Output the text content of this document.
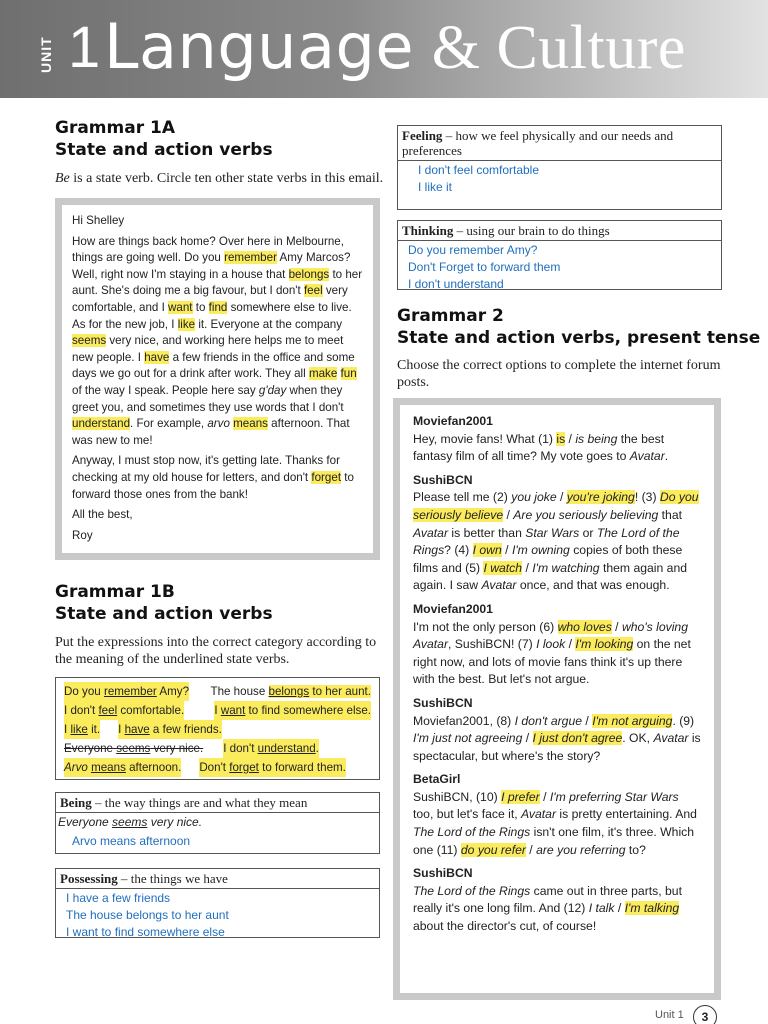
UNIT 1 Language & Culture
Grammar 1A
State and action verbs
Be is a state verb. Circle ten other state verbs in this email.

Hi Shelley

How are things back home? Over here in Melbourne, things are going well. Do you remember Amy Marcos? Well, right now I'm staying in a house that belongs to her aunt. She's doing me a big favour, but I don't feel very comfortable, and I want to find somewhere else to live. As for the new job, I like it. Everyone at the company seems very nice, and working here helps me to meet new people. I have a few friends in the office and some days we go out for a drink after work. They all make fun of the way I speak. People here say g'day when they greet you, and sometimes they use words that I don't understand. For example, arvo means afternoon. That was new to me!

Anyway, I must stop now, it's getting late. Thanks for checking at my old house for letters, and don't forget to forward those ones from the bank!

All the best,

Roy

Grammar 1B
State and action verbs
Put the expressions into the correct category according to the meaning of the underlined state verbs.
Do you remember Amy? The house belongs to her aunt.
I don't feel comfortable.	I want to find somewhere else.
I like it. I have a few friends.
Everyone seems very nice. I don't understand.
Arvo means afternoon. Don't forget to forward them.
Being – the way things are and what they mean
Everyone seems very nice.
Arvo means afternoon
Possessing – the things we have
I have a few friends
The house belongs to her aunt
I want to find somewhere else
Feeling – how we feel physically and our needs and preferences
I don't feel comfortable
I like it
Thinking – using our brain to do things
Do you remember Amy?
Don't Forget to forward them
I don't understand
Grammar 2
State and action verbs, present tense
Choose the correct options to complete the internet forum posts.
Moviefan2001
Hey, movie fans! What (1) is / is being the best fantasy film of all time? My vote goes to Avatar.
SushiBCN
Please tell me (2) you joke / you're joking! (3) Do you seriously believe / Are you seriously believing that Avatar is better than Star Wars or The Lord of the Rings? (4) I own / I'm owning copies of both these films and (5) I watch / I'm watching them again and again. I saw Avatar once, and that was enough.
Moviefan2001
I'm not the only person (6) who loves / who's loving Avatar, SushiBCN! (7) I look / I'm looking on the net right now, and lots of movie fans think it's up there with the best. But let's not argue.
SushiBCN
Moviefan2001, (8) I don't argue / I'm not arguing. (9) I'm just not agreeing / I just don't agree. OK, Avatar is spectacular, but where's the story?
BetaGirl
SushiBCN, (10) I prefer / I'm preferring Star Wars too, but let's face it, Avatar is pretty entertaining. And The Lord of the Rings isn't one film, it's three. Which one (11) do you refer / are you referring to?
SushiBCN
The Lord of the Rings came out in three parts, but really it's one long film. And (12) I talk / I'm talking about the director's cut, of course!
Unit 1	3
